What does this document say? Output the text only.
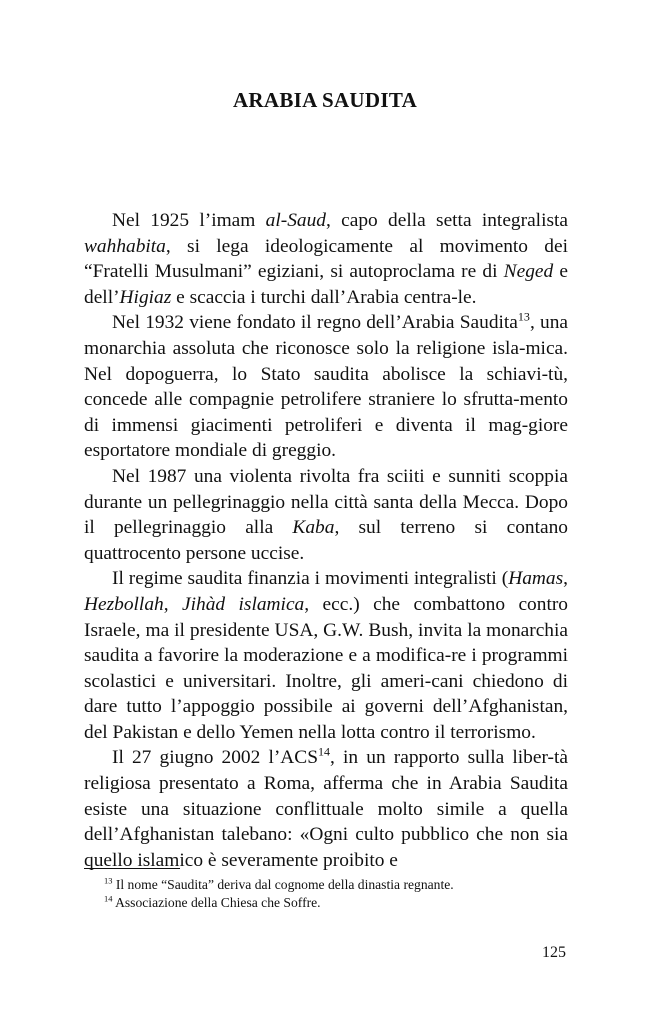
ARABIA SAUDITA

Nel 1925 l’imam al-Saud, capo della setta integralista wahhabita, si lega ideologicamente al movimento dei “Fratelli Musulmani” egiziani, si autoproclama re di Neged e dell’Higiaz e scaccia i turchi dall’Arabia centra-le.

Nel 1932 viene fondato il regno dell’Arabia Saudita$^{13}$, una monarchia assoluta che riconosce solo la religione isla-mica. Nel dopoguerra, lo Stato saudita abolisce la schiavi-tù, concede alle compagnie petrolifere straniere lo sfrutta-mento di immensi giacimenti petroliferi e diventa il mag-giore esportatore mondiale di greggio.

Nel 1987 una violenta rivolta fra sciiti e sunniti scoppia durante un pellegrinaggio nella città santa della Mecca. Dopo il pellegrinaggio alla Kaba, sul terreno si contano quattrocento persone uccise.

Il regime saudita finanzia i movimenti integralisti (Hamas, Hezbollah, Jihàd islamica, ecc.) che combattono contro Israele, ma il presidente USA, G.W. Bush, invita la monarchia saudita a favorire la moderazione e a modifica-re i programmi scolastici e universitari. Inoltre, gli ameri-cani chiedono di dare tutto l’appoggio possibile ai governi dell’Afghanistan, del Pakistan e dello Yemen nella lotta contro il terrorismo.

Il 27 giugno 2002 l’ACS$^{14}$, in un rapporto sulla liber-tà religiosa presentato a Roma, afferma che in Arabia Saudita esiste una situazione conflittuale molto simile a quella dell’Afghanistan talebano: «Ogni culto pubblico che non sia quello islamico è severamente proibito e

$^{13}$ Il nome “Saudita” deriva dal cognome della dinastia regnante.

$^{14}$ Associazione della Chiesa che Soffre.

125
